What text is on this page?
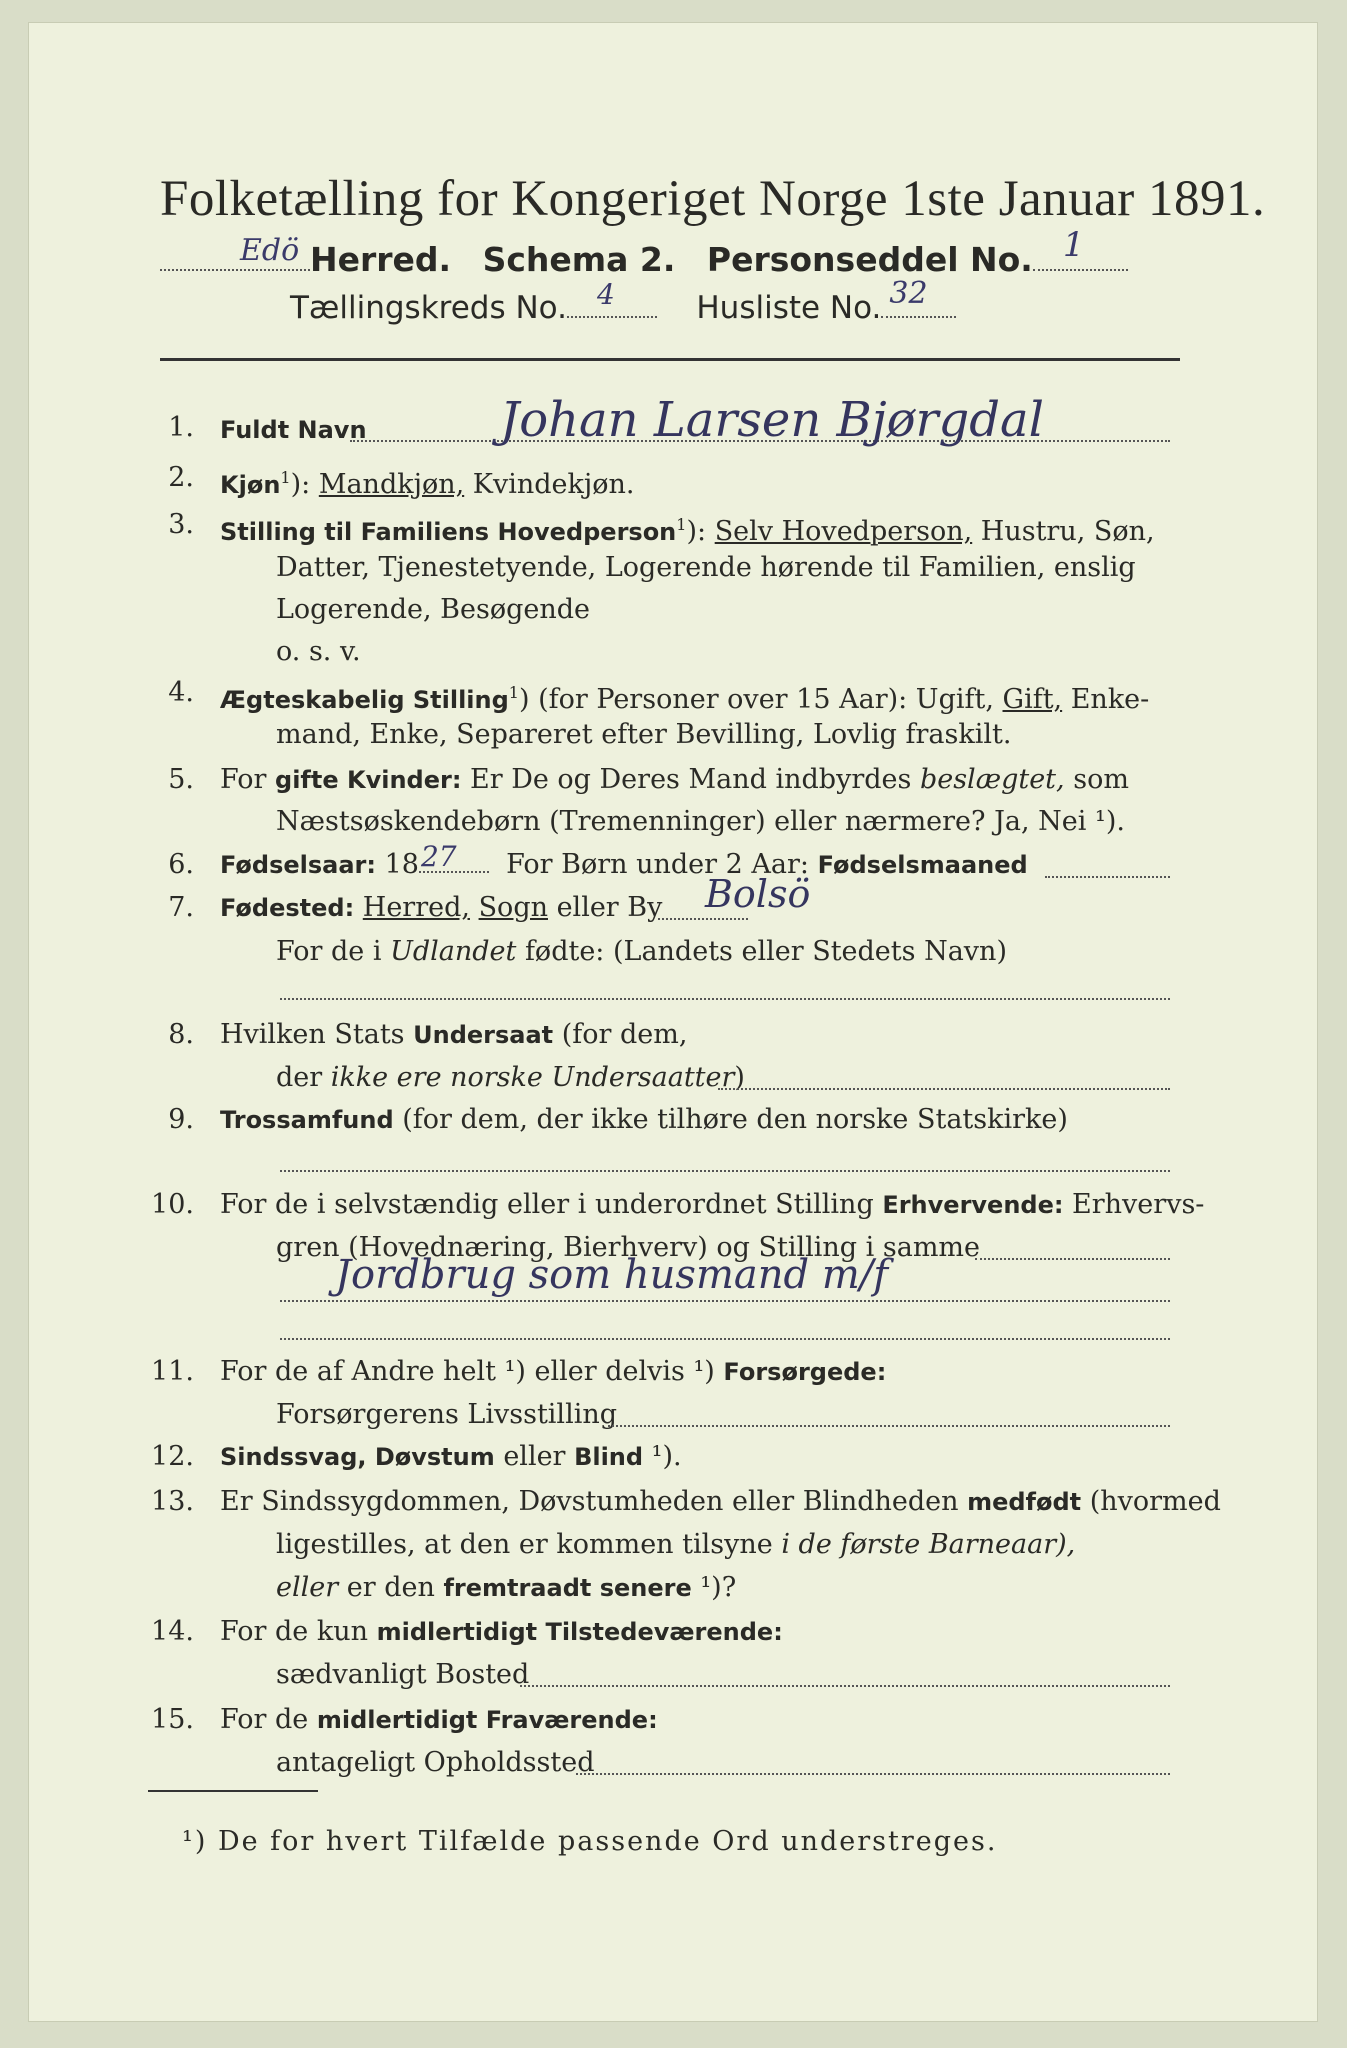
Folketælling for Kongeriget Norge 1ste Januar 1891.
Edö Herred. Schema 2. Personseddel No. 1
Tællingskreds No. 4	Husliste No. 32
1. Fuldt Navn	Johan Larsen Bjørgdal
2. Kjøn$^1$): Mandkjøn, Kvindekjøn.
3. Stilling til Familiens Hovedperson$^1$): Selv Hovedperson, Hustru, Søn,
Datter, Tjenestetyende, Logerende hørende til Familien, enslig
Logerende, Besøgende
o. s. v.
4. Ægteskabelig Stilling$^1$) (for Personer over 15 Aar): Ugift, Gift, Enke-
mand, Enke, Separeret efter Bevilling, Lovlig fraskilt.
5. For gifte Kvinder: Er De og Deres Mand indbyrdes beslægtet, som
Næstsøskendebørn (Tremenninger) eller nærmere? Ja, Nei ¹).
6. Fødselsaar: 18 27 For Børn under 2 Aar: Fødselsmaaned
7. Fødested: Herred, Sogn eller By Bolsö
For de i Udlandet fødte: (Landets eller Stedets Navn)
8. Hvilken Stats Undersaat (for dem,
der ikke ere norske Undersaatter)
9. Trossamfund (for dem, der ikke tilhøre den norske Statskirke)
10. For de i selvstændig eller i underordnet Stilling Erhvervende: Erhvervs-
gren (Hovednæring, Bierhverv) og Stilling i samme
Jordbrug som husmand m/f
11. For de af Andre helt ¹) eller delvis ¹) Forsørgede:
Forsørgerens Livsstilling
12. Sindssvag, Døvstum eller Blind ¹).
13. Er Sindssygdommen, Døvstumheden eller Blindheden medfødt (hvormed
ligestilles, at den er kommen tilsyne i de første Barneaar),
eller er den fremtraadt senere ¹)?
14. For de kun midlertidigt Tilstedeværende:
sædvanligt Bosted
15. For de midlertidigt Fraværende:
antageligt Opholdssted
¹) De for hvert Tilfælde passende Ord understreges.
